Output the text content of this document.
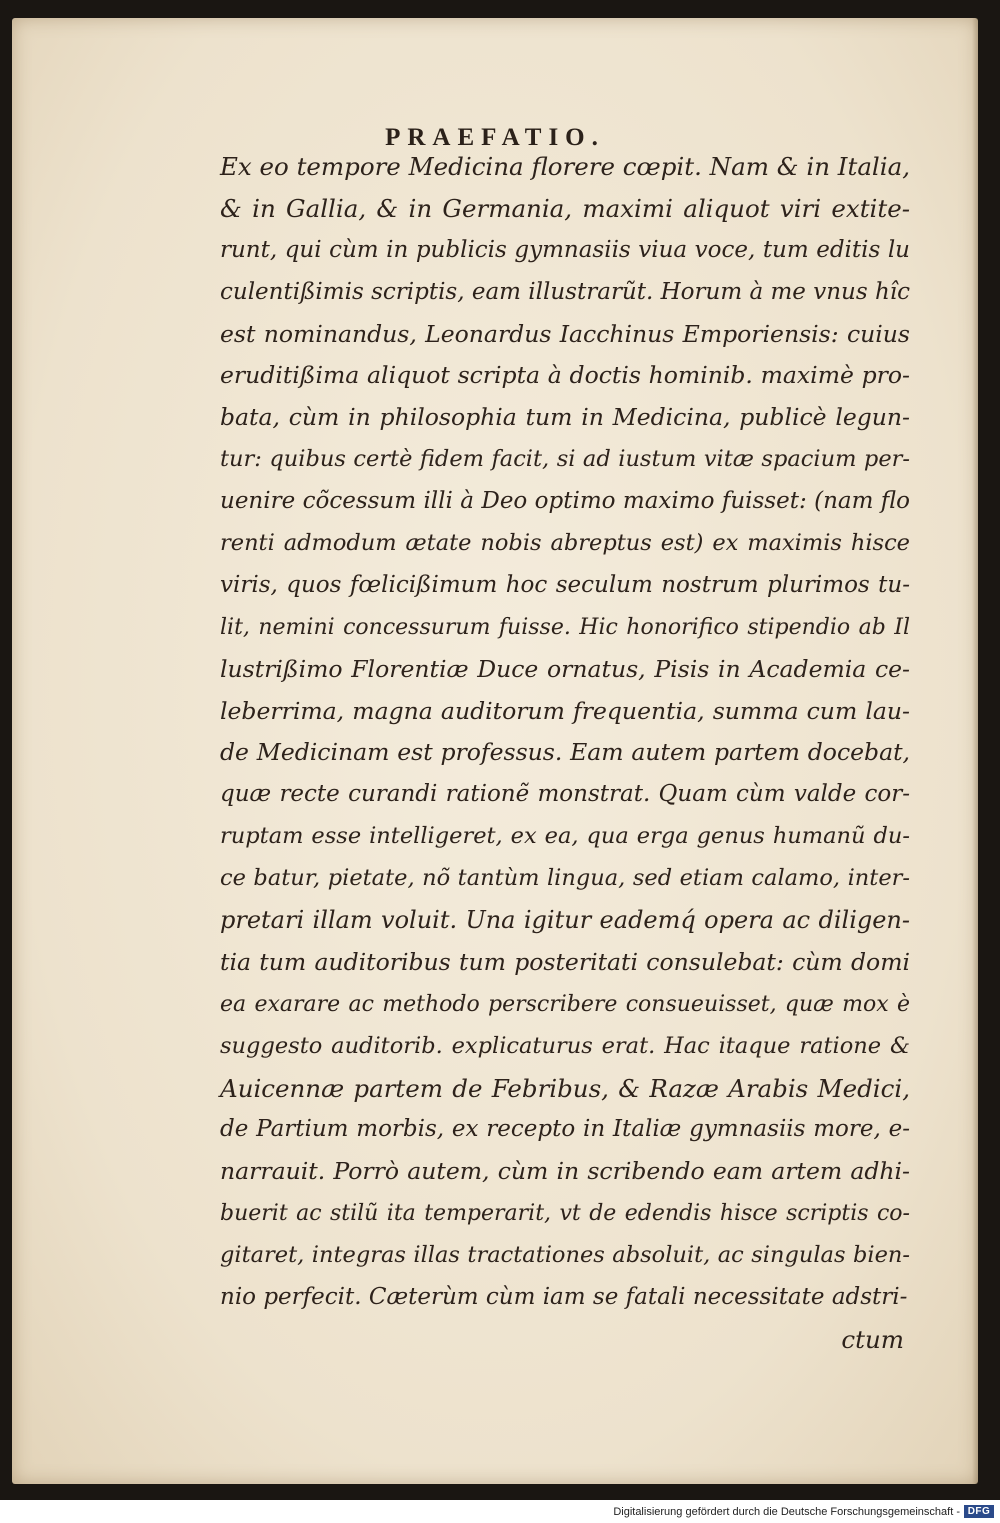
PRAEFATIO.
Ex eo tempore Medicina florere cœpit. Nam & in Italia,
& in Gallia, & in Germania, maximi aliquot viri extite-
runt, qui cùm in publicis gymnasiis viua voce, tum editis lu
culentißimis scriptis, eam illustrarũt. Horum à me vnus hîc
est nominandus, Leonardus Iacchinus Emporiensis: cuius
eruditißima aliquot scripta à doctis hominib. maximè pro-
bata, cùm in philosophia tum in Medicina, publicè legun-
tur: quibus certè fidem facit, si ad iustum vitæ spacium per-
uenire cõcessum illi à Deo optimo maximo fuisset: (nam flo
renti admodum ætate nobis abreptus est) ex maximis hisce
viris, quos fœlicißimum hoc seculum nostrum plurimos tu-
lit, nemini concessurum fuisse. Hic honorifico stipendio ab Il
lustrißimo Florentiæ Duce ornatus, Pisis in Academia ce-
leberrima, magna auditorum frequentia, summa cum lau-
de Medicinam est professus. Eam autem partem docebat,
quæ recte curandi rationẽ monstrat. Quam cùm valde cor-
ruptam esse intelligeret, ex ea, qua erga genus humanũ du-
ce batur, pietate, nõ tantùm lingua, sed etiam calamo, inter-
pretari illam voluit. Una igitur eademq́ opera ac diligen-
tia tum auditoribus tum posteritati consulebat: cùm domi
ea exarare ac methodo perscribere consueuisset, quæ mox è
suggesto auditorib. explicaturus erat. Hac itaque ratione &
Auicennæ partem de Febribus, & Razæ Arabis Medici,
de Partium morbis, ex recepto in Italiæ gymnasiis more, e-
narrauit. Porrò autem, cùm in scribendo eam artem adhi-
buerit ac stilũ ita temperarit, vt de edendis hisce scriptis co-
gitaret, integras illas tractationes absoluit, ac singulas bien-
nio perfecit. Cæterùm cùm iam se fatali necessitate adstri-
ctum
Digitalisierung gefördert durch die Deutsche Forschungsgemeinschaft - DFG
